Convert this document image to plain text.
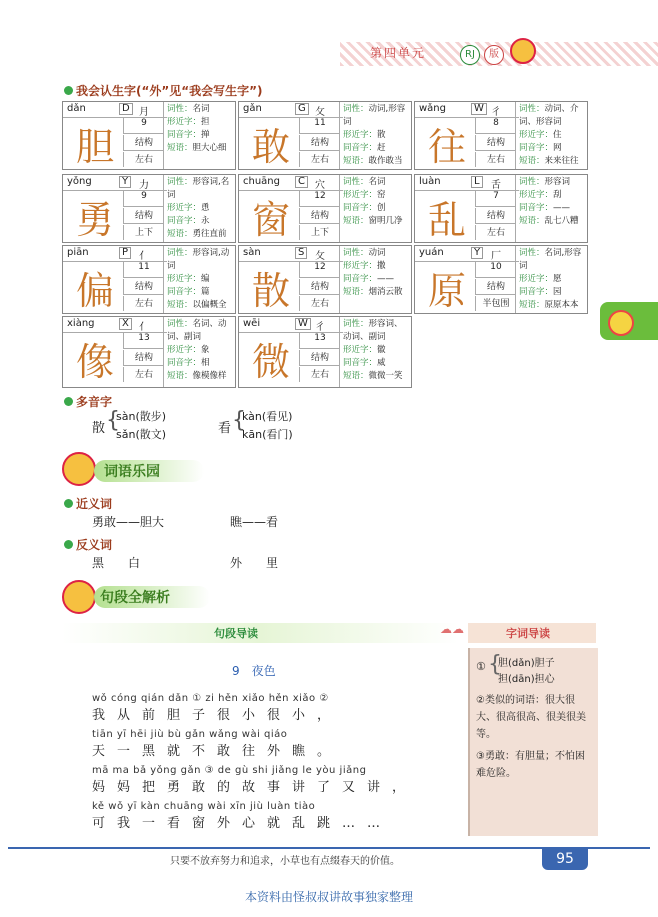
第四单元	RJ	版
我会认生字(“外”见“我会写生字”)
dǎn	D 月
胆
9
结构
左右
词性：名词
形近字：担
同音字：掸
短语：胆大心细
gǎn	G 攵
敢
11
结构
左右
词性：动词,形容词
形近字：散
同音字：赶
短语：敢作敢当
wǎng	W 彳
往
8
结构
左右
词性：动词、介词、形容词
形近字：住
同音字：网
短语：来来往往
yǒng	Y	力
勇
9
结构
上下
词性：形容词,名词
形近字：恿
同音字：永
短语：勇往直前
chuāng	C	穴
窗
12
结构
上下
词性：名词
形近字：窑
同音字：创
短语：窗明几净
luàn	L	舌
乱
7
结构
左右
词性：形容词
形近字：刮
同音字：——
短语：乱七八糟
piān	P	亻
偏
11
结构
左右
词性：形容词,动词
形近字：编
同音字：篇
短语：以偏概全
sàn	S	攵
散
12
结构
左右
词性：动词
形近字：撒
同音字：——
短语：烟消云散
yuán	Y	厂
原
10
结构
半包围
词性：名词,形容词
形近字：愿
同音字：园
短语：原原本本
xiàng	X	亻
像
13
结构
左右
词性：名词、动词、副词
形近字：象
同音字：相
短语：像模像样
wēi	W 彳
微
13
结构
左右
词性：形容词、动词、副词
形近字：徽
同音字：威
短语：微微一笑
多音字
散 {
sàn(散步)
sǎn(散文)	看 {
kàn(看见)
kān(看门)
词语乐园
近义词
勇敢——胆大	瞧——看
反义词
黑　　白	外　　里
句段全解析
句段导读	☁☁	字词导读
9　夜色
wǒ cóng qián dǎn ① zi hěn xiǎo hěn xiǎo ②
我从前胆子很小很小，
tiān yī hēi jiù bù gǎn wǎng wài qiáo
天一黑就不敢往外瞧。
mā ma bǎ yǒng gǎn ③ de gù shi jiǎng le yòu jiǎng
妈妈把勇敢的故事讲了又讲，
kě wǒ yī kàn chuāng wài xīn jiù luàn tiào
可我一看窗外心就乱跳……
① {
胆(dǎn)胆子
担(dān)担心
②类似的词语：很大很大、很高很高、很美很美等。
③勇敢：有胆量；不怕困难危险。
只要不放弃努力和追求，小草也有点缀春天的价值。	95
本资料由怪叔叔讲故事独家整理
